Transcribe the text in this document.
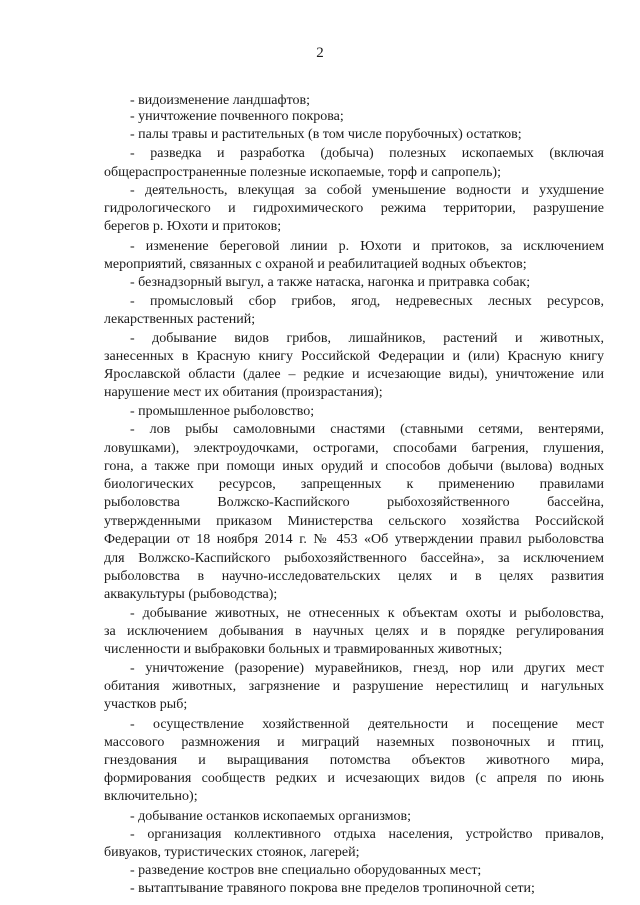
2
- видоизменение ландшафтов;
- уничтожение почвенного покрова;
- палы травы и растительных (в том числе порубочных) остатков;
- разведка и разработка (добыча) полезных ископаемых (включая
общераспространенные полезные ископаемые, торф и сапропель);
- деятельность, влекущая за собой уменьшение водности и ухудшение
гидрологического и гидрохимического режима территории, разрушение
берегов р. Юхоти и притоков;
- изменение береговой линии р. Юхоти и притоков, за исключением
мероприятий, связанных с охраной и реабилитацией водных объектов;
- безнадзорный выгул, а также натаска, нагонка и притравка собак;
- промысловый сбор грибов, ягод, недревесных лесных ресурсов,
лекарственных растений;
- добывание видов грибов, лишайников, растений и животных,
занесенных в Красную книгу Российской Федерации и (или) Красную книгу
Ярославской области (далее – редкие и исчезающие виды), уничтожение или
нарушение мест их обитания (произрастания);
- промышленное рыболовство;
- лов рыбы самоловными снастями (ставными сетями, вентерями,
ловушками), электроудочками, острогами, способами багрения, глушения,
гона, а также при помощи иных орудий и способов добычи (вылова) водных
биологических ресурсов, запрещенных к применению правилами
рыболовства Волжско-Каспийского рыбохозяйственного бассейна,
утвержденными приказом Министерства сельского хозяйства Российской
Федерации от 18 ноября 2014 г. № 453 «Об утверждении правил рыболовства
для Волжско-Каспийского рыбохозяйственного бассейна», за исключением
рыболовства в научно-исследовательских целях и в целях развития
аквакультуры (рыбоводства);
- добывание животных, не отнесенных к объектам охоты и рыболовства,
за исключением добывания в научных целях и в порядке регулирования
численности и выбраковки больных и травмированных животных;
- уничтожение (разорение) муравейников, гнезд, нор или других мест
обитания животных, загрязнение и разрушение нерестилищ и нагульных
участков рыб;
- осуществление хозяйственной деятельности и посещение мест
массового размножения и миграций наземных позвоночных и птиц,
гнездования и выращивания потомства объектов животного мира,
формирования сообществ редких и исчезающих видов (с апреля по июнь
включительно);
- добывание останков ископаемых организмов;
- организация коллективного отдыха населения, устройство привалов,
бивуаков, туристических стоянок, лагерей;
- разведение костров вне специально оборудованных мест;
- вытаптывание травяного покрова вне пределов тропиночной сети;
